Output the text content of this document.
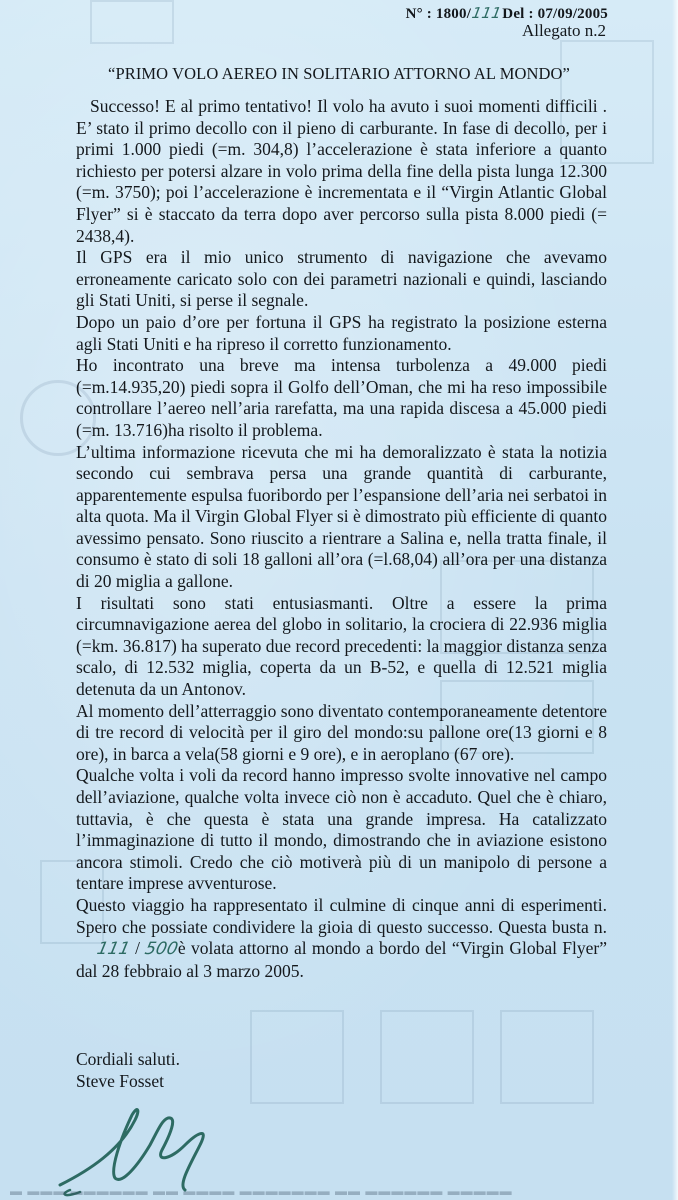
N° : 1800/111Del : 07/09/2005
Allegato n.2
“PRIMO VOLO AEREO IN SOLITARIO ATTORNO AL MONDO”

Successo! E al primo tentativo! Il volo ha avuto i suoi momenti difficili . E’ stato il primo decollo con il pieno di carburante. In fase di decollo, per i primi 1.000 piedi (=m. 304,8) l’accelerazione è stata inferiore a quanto richiesto per potersi alzare in volo prima della fine della pista lunga 12.300 (=m. 3750); poi l’accelerazione è incrementata e il “Virgin Atlantic Global Flyer” si è staccato da terra dopo aver percorso sulla pista 8.000 piedi (= 2438,4).

Il GPS era il mio unico strumento di navigazione che avevamo erroneamente caricato solo con dei parametri nazionali e quindi, lasciando gli Stati Uniti, si perse il segnale.

Dopo un paio d’ore per fortuna il GPS ha registrato la posizione esterna agli Stati Uniti e ha ripreso il corretto funzionamento.

Ho incontrato una breve ma intensa turbolenza a 49.000 piedi (=m.14.935,20) piedi sopra il Golfo dell’Oman, che mi ha reso impossibile controllare l’aereo nell’aria rarefatta, ma una rapida discesa a 45.000 piedi (=m. 13.716)ha risolto il problema.

L’ultima informazione ricevuta che mi ha demoralizzato è stata la notizia secondo cui sembrava persa una grande quantità di carburante, apparentemente espulsa fuoribordo per l’espansione dell’aria nei serbatoi in alta quota. Ma il Virgin Global Flyer si è dimostrato più efficiente di quanto avessimo pensato. Sono riuscito a rientrare a Salina e, nella tratta finale, il consumo è stato di soli 18 galloni all’ora (=l.68,04) all’ora per una distanza di 20 miglia a gallone.

I risultati sono stati entusiasmanti. Oltre a essere la prima circumnavigazione aerea del globo in solitario, la crociera di 22.936 miglia (=km. 36.817) ha superato due record precedenti: la maggior distanza senza scalo, di 12.532 miglia, coperta da un B-52, e quella di 12.521 miglia detenuta da un Antonov.

Al momento dell’atterraggio sono diventato contemporaneamente detentore di tre record di velocità per il giro del mondo:su pallone ore(13 giorni e 8 ore), in barca a vela(58 giorni e 9 ore), e in aeroplano (67 ore).

Qualche volta i voli da record hanno impresso svolte innovative nel campo dell’aviazione, qualche volta invece ciò non è accaduto. Quel che è chiaro, tuttavia, è che questa è stata una grande impresa. Ha catalizzato l’immaginazione di tutto il mondo, dimostrando che in aviazione esistono ancora stimoli. Credo che ciò motiverà più di un manipolo di persone a tentare imprese avventurose.

Questo viaggio ha rappresentato il culmine di cinque anni di esperimenti. Spero che possiate condividere la gioia di questo successo. Questa busta n.     111 / 500è volata attorno al mondo a bordo del “Virgin Global Flyer” dal 28 febbraio al 3 marzo 2005.

Cordiali saluti.
Steve Fosset
▬ ▬▬▬ ▬▬▬▬▬▬ ▬▬ ▬▬▬▬ ▬▬▬▬▬▬▬ ▬▬ ▬▬▬▬▬▬ ▬▬▬▬▬
